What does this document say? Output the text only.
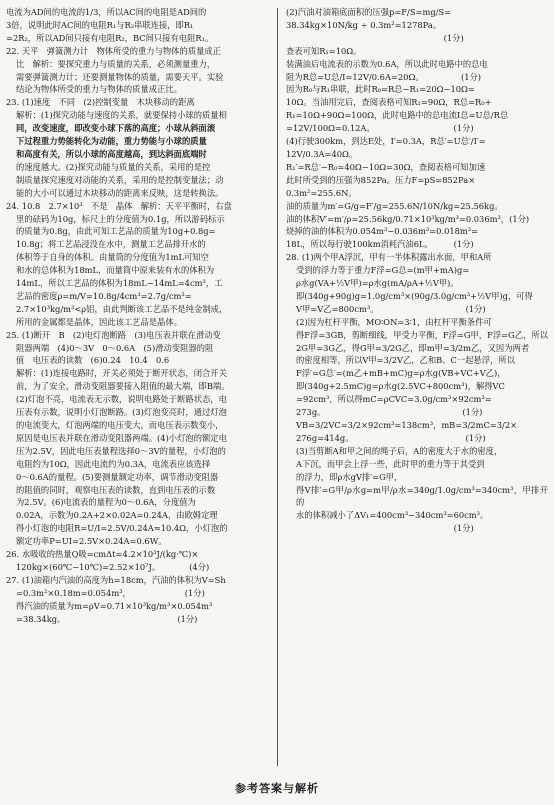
电流为AD间的电流的1/3，所以AC间的电阻是AD间的
3倍，说明此时AC间的电阻R₁与R₂串联连接，即R₁
=2R₂，所以AD间只接有电阻R₂，BC间只接有电阻R₁。
22. 天平　弹簧测力计　物体所受的重力与物体的质量成正
比　解析：要探究重力与质量的关系，必须测量重力，
需要弹簧测力计；还要测量物体的质量，需要天平。实验
结论为物体所受的重力与物体的质量成正比。
23. (1)速度　不同　(2)控制变量　木块移动的距离
解析：(1)探究动能与速度的关系，就要保持小球的质量相
同，改变速度，即改变小球下落的高度；小球从斜面滚
下过程重力势能转化为动能，重力势能与小球的质量
和高度有关，所以小球的高度越高，到达斜面底端时
的速度越大。(2)探究动能与质量的关系，采用的是控
制质量探究速度对动能的关系，采用的是控制变量法；动
能的大小可以通过木块移动的距离来反映，这是转换法。
24. 10.8　2.7×10³　不是　晶体　解析：天平平衡时，右盘
里的砝码为10g，标尺上的分度值为0.1g，所以游码标示
的质量为0.8g，由此可知工艺品的质量为10g+0.8g=
10.8g；将工艺品浸没在水中，测量工艺品排开水的
体积等于自身的体积。由量筒的分度值为1mL可知空
和水的总体积为18mL，而量筒中原来装有水的体积为
14mL，所以工艺品的体积为18mL−14mL=4cm³，工
艺品的密度ρ=m/V=10.8g/4cm³=2.7g/cm³=
2.7×10³kg/m³<ρ铝，由此判断该工艺品不是纯金制成，
所用的金属都是晶体，因此该工艺品是晶体。
25. (1)断开　B　(2)电灯泡断路　(3)电压表并联在滑动变
阻器两端　(4)0～3V　0～0.6A　(5)滑动变阻器的阻
值　电压表的读数　(6)0.24　10.4　0.6
解析：(1)连接电路时，开关必须处于断开状态，闭合开关
前，为了安全，滑动变阻器要接入阻值的最大端，即B端。
(2)灯泡不亮，电流表无示数，说明电路处于断路状态，电
压表有示数，说明小灯泡断路。(3)灯泡变亮时，通过灯泡
的电流变大，灯泡两端的电压变大，而电压表示数变小，
原因是电压表并联在滑动变阻器两端。(4)小灯泡的额定电
压为2.5V，因此电压表量程选择0～3V的量程，小灯泡的
电阻约为10Ω，因此电流约为0.3A，电流表应该选择
0～0.6A的量程。(5)要测量额定功率，调节滑动变阻器
的阻值的同时，观察电压表的读数，直到电压表的示数
为2.5V。(6)电流表的量程为0～0.6A，分度值为
0.02A，示数为0.2A+2×0.02A=0.24A，由欧姆定理
得小灯泡的电阻R=U/I=2.5V/0.24A≈10.4Ω，小灯泡的
额定功率P=UI=2.5V×0.24A=0.6W。
26. 水吸收的热量Q吸=cmΔt=4.2×10³J/(kg·℃)×
120kg×(60℃−10℃)=2.52×10⁷J。　　　　(4分)
27. (1)油箱内汽油的高度为h=18cm，汽油的体积为V=Sh
=0.3m²×0.18m=0.054m³，　　　　　　　(1分)
得汽油的质量为m=ρV=0.71×10³kg/m³×0.054m³
=38.34kg。　　　　　　　　　　　　　　(1分)
(2)汽油对油箱底面积的压强p=F/S=mg/S=
38.34kg×10N/kg ÷ 0.3m²=1278Pa。
　　　　　　　　　　　　　　　　　　　(1分)
查表可知R₁=10Ω。
装满油后电流表的示数为0.6A，所以此时电路中的总电
阻为R总=U总/I=12V/0.6A=20Ω。　　　　　(1分)
因为R₀与R₁串联，此时R₀=R总−R₁=20Ω−10Ω=
10Ω。当油用完后，查阅表格可知R₁=90Ω，R总=R₀+
R₁=10Ω+90Ω=100Ω，此时电路中的总电流I总=U总/R总
=12V/100Ω=0.12A。　　　　　　　　　　(1分)
(4)行驶300km，到达E处，I′=0.3A，R总′=U总′/I′=
12V/0.3A=40Ω。
R₁′=R总′−R₀=40Ω−10Ω=30Ω，查阅表格可知加速
此时所受到的压强为852Pa。压力F=pS=852Pa×
0.3m²=255.6N。
油的质量为m′=G/g=F′/g=255.6N/10N/kg=25.56kg。
油的体积V′=m′/ρ=25.56kg/0.71×10³kg/m³=0.036m³，(1分)
烧掉的油的体积为0.054m³−0.036m³=0.018m³=
18L，所以每行驶100km消耗汽油6L。　　　(1分)
28. (1)两个甲A浮沉，甲有一半体积露出水面，甲和A所
受到的浮力等于重力F浮=G总=(m甲+mA)g=
ρ水g(VA+½V甲)=ρ水g(mA/ρA+½V甲)。
即(340g+90g)g=1.0g/cm³×(90g/3.0g/cm³+½V甲)g，可得
V甲=V乙=800cm³。　　　　　　　　　　　(1分)
(2)因为杠杆平衡，MO∶ON=3∶1，由杠杆平衡条件可
得F浮=3GB，剪断细线，甲受力平衡，F浮=G甲，F浮=G乙，所以
2G甲=3G乙，得G甲=3/2G乙，即m甲=3/2m乙，又因为两者
的密度相等，所以V甲=3/2V乙，乙和B、C一起悬浮，所以
F浮′=G总′=(m乙+mB+mC)g=ρ水g(VB+VC+V乙)，
即(340g+2.5mC)g=ρ水g(2.5VC+800cm³)，解得VC
=92cm³，所以得mC=ρCVC=3.0g/cm³×92cm³=
273g。　　　　　　　　　　　　　　　　　(1分)
VB=3/2VC=3/2×92cm³=138cm³，mB=3/2mC=3/2×
276g=414g。　　　　　　　　　　　　　　(1分)
(3)当剪断A和甲之间的绳子后，A的密度大于水的密度，
A下沉，而甲会上浮一些，此时甲的重力等于其受到
的浮力，即ρ水gV排′=G甲，
得V排′=G甲/ρ水g=m甲/ρ水=340g/1.0g/cm³=340cm³，甲排开的
水的体积减小了ΔV₁=400cm³−340cm³=60cm³。
　　　　　　　　　　　　　　　　　　　(1分)
参考答案与解析
